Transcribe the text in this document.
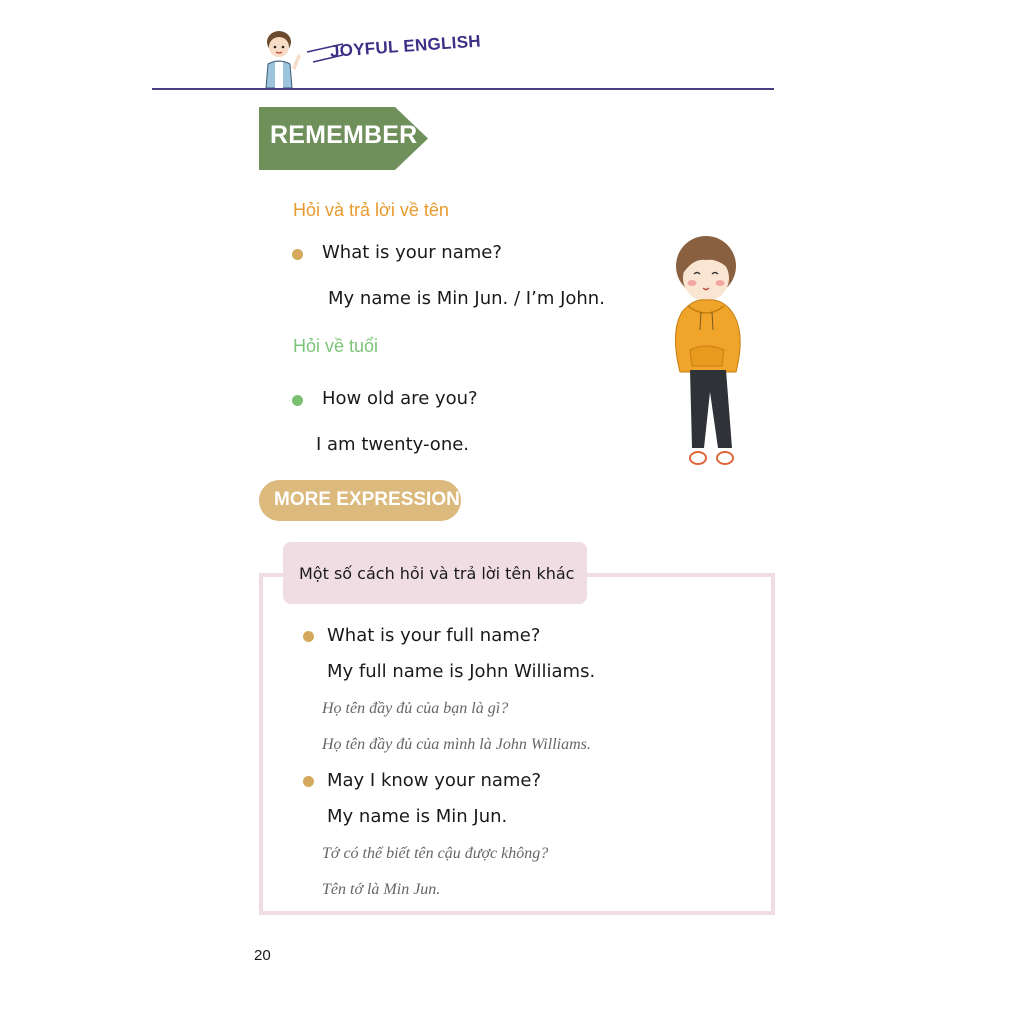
JOYFUL ENGLISH
REMEMBER
Hỏi và trả lời về tên
What is your name?
My name is Min Jun. / I’m John.
Hỏi về tuổi
How old are you?
I am twenty-one.
MORE EXPRESSION
Một số cách hỏi và trả lời tên khác
What is your full name?
My full name is John Williams.
Họ tên đầy đủ của bạn là gì?
Họ tên đầy đủ của mình là John Williams.
May I know your name?
My name is Min Jun.
Tớ có thể biết tên cậu được không?
Tên tớ là Min Jun.
20
